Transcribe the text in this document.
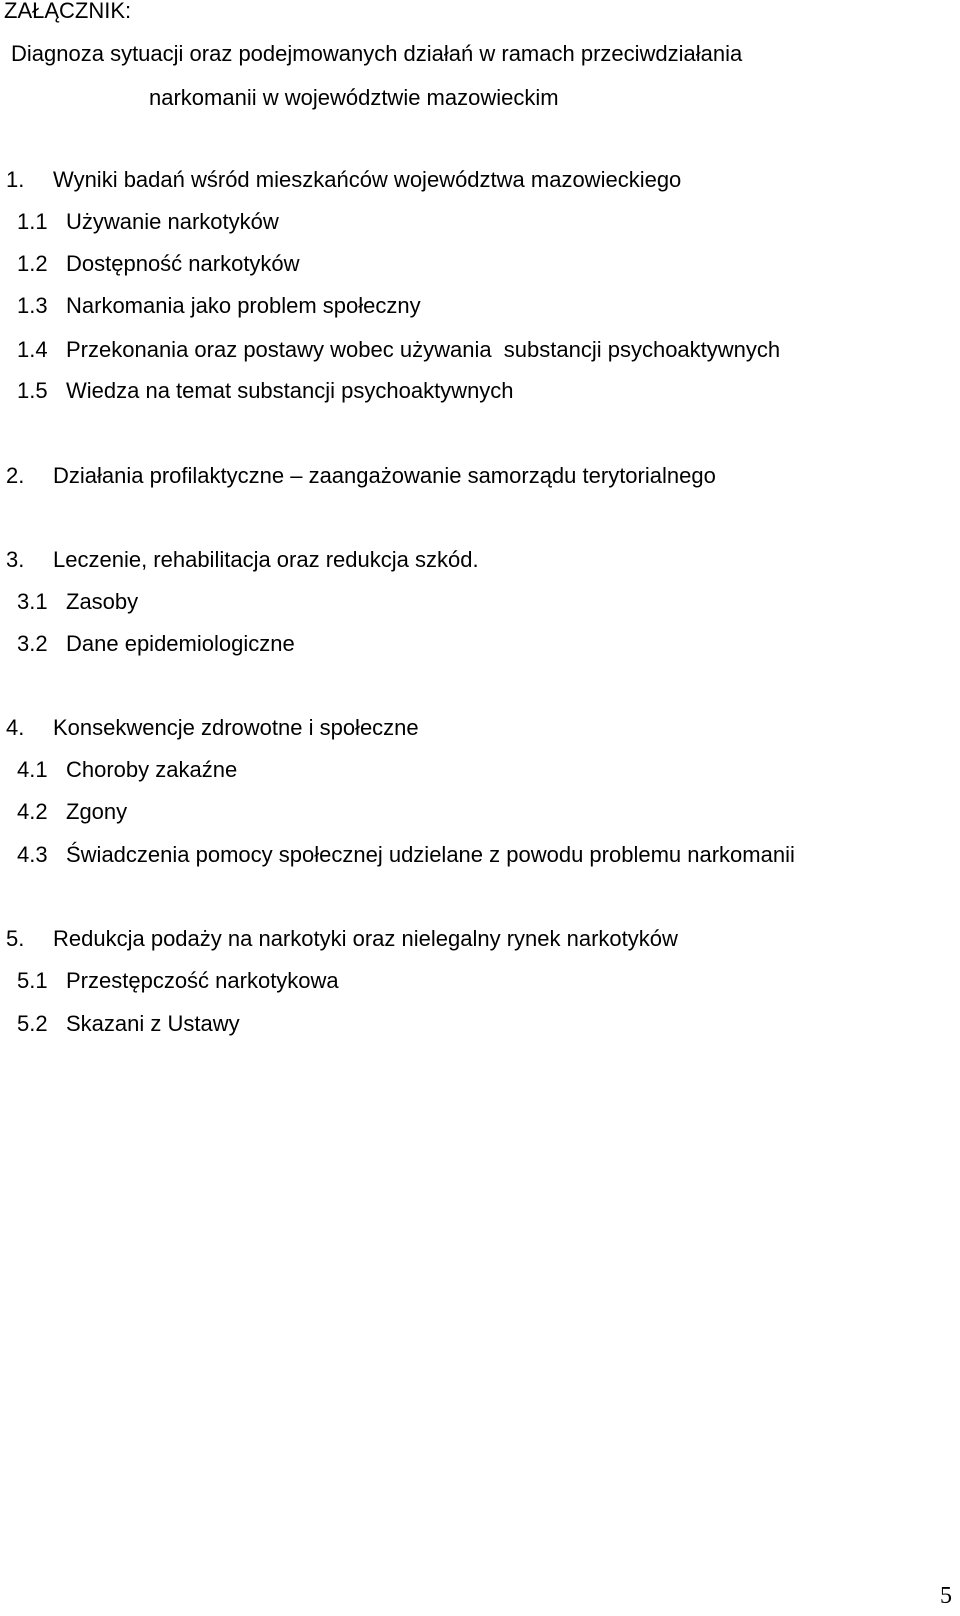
ZAŁĄCZNIK:
Diagnoza sytuacji oraz podejmowanych działań w ramach przeciwdziałania
narkomanii w województwie mazowieckim
1. Wyniki badań wśród mieszkańców województwa mazowieckiego
1.1 Używanie narkotyków
1.2 Dostępność narkotyków
1.3 Narkomania jako problem społeczny
1.4 Przekonania oraz postawy wobec używania  substancji psychoaktywnych
1.5 Wiedza na temat substancji psychoaktywnych
2. Działania profilaktyczne – zaangażowanie samorządu terytorialnego
3. Leczenie, rehabilitacja oraz redukcja szkód.
3.1 Zasoby
3.2 Dane epidemiologiczne
4. Konsekwencje zdrowotne i społeczne
4.1 Choroby zakaźne
4.2 Zgony
4.3 Świadczenia pomocy społecznej udzielane z powodu problemu narkomanii
5. Redukcja podaży na narkotyki oraz nielegalny rynek narkotyków
5.1 Przestępczość narkotykowa
5.2 Skazani z Ustawy
5
